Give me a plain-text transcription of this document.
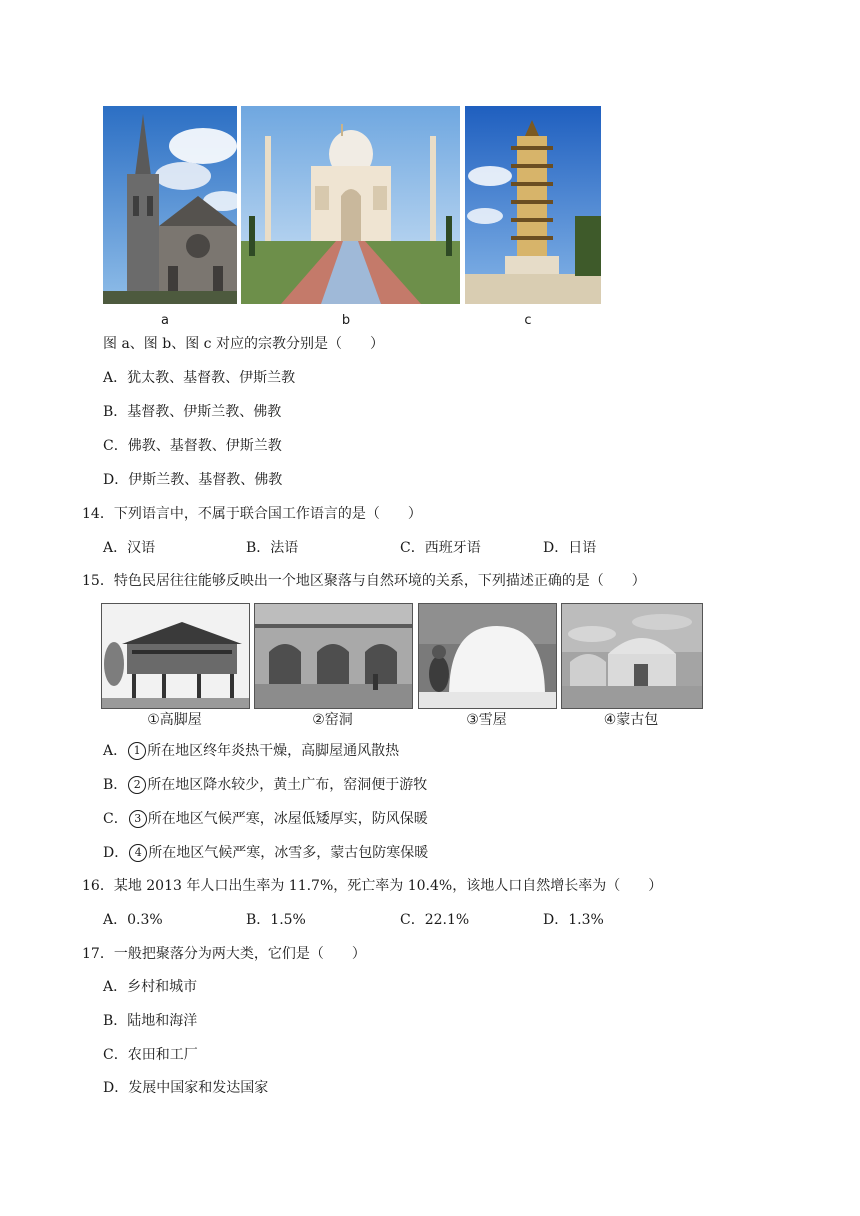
a	b	c
图 a、图 b、图 c 对应的宗教分别是（　　）
A．犹太教、基督教、伊斯兰教
B．基督教、伊斯兰教、佛教
C．佛教、基督教、伊斯兰教
D．伊斯兰教、基督教、佛教
14．下列语言中，不属于联合国工作语言的是（　　）
A．汉语	B．法语	C．西班牙语	D．日语
15．特色民居往往能够反映出一个地区聚落与自然环境的关系，下列描述正确的是（　　）
①高脚屋	②窑洞	③雪屋	④蒙古包
A． 1 所在地区终年炎热干燥，高脚屋通风散热
B． 2 所在地区降水较少，黄土广布，窑洞便于游牧
C． 3 所在地区气候严寒，冰屋低矮厚实，防风保暖
D． 4 所在地区气候严寒，冰雪多，蒙古包防寒保暖
16．某地 2013 年人口出生率为 11.7%，死亡率为 10.4%，该地人口自然增长率为（　　）
A．0.3%	B．1.5%	C．22.1%	D．1.3%
17．一般把聚落分为两大类，它们是（　　）
A．乡村和城市
B．陆地和海洋
C．农田和工厂
D．发展中国家和发达国家
